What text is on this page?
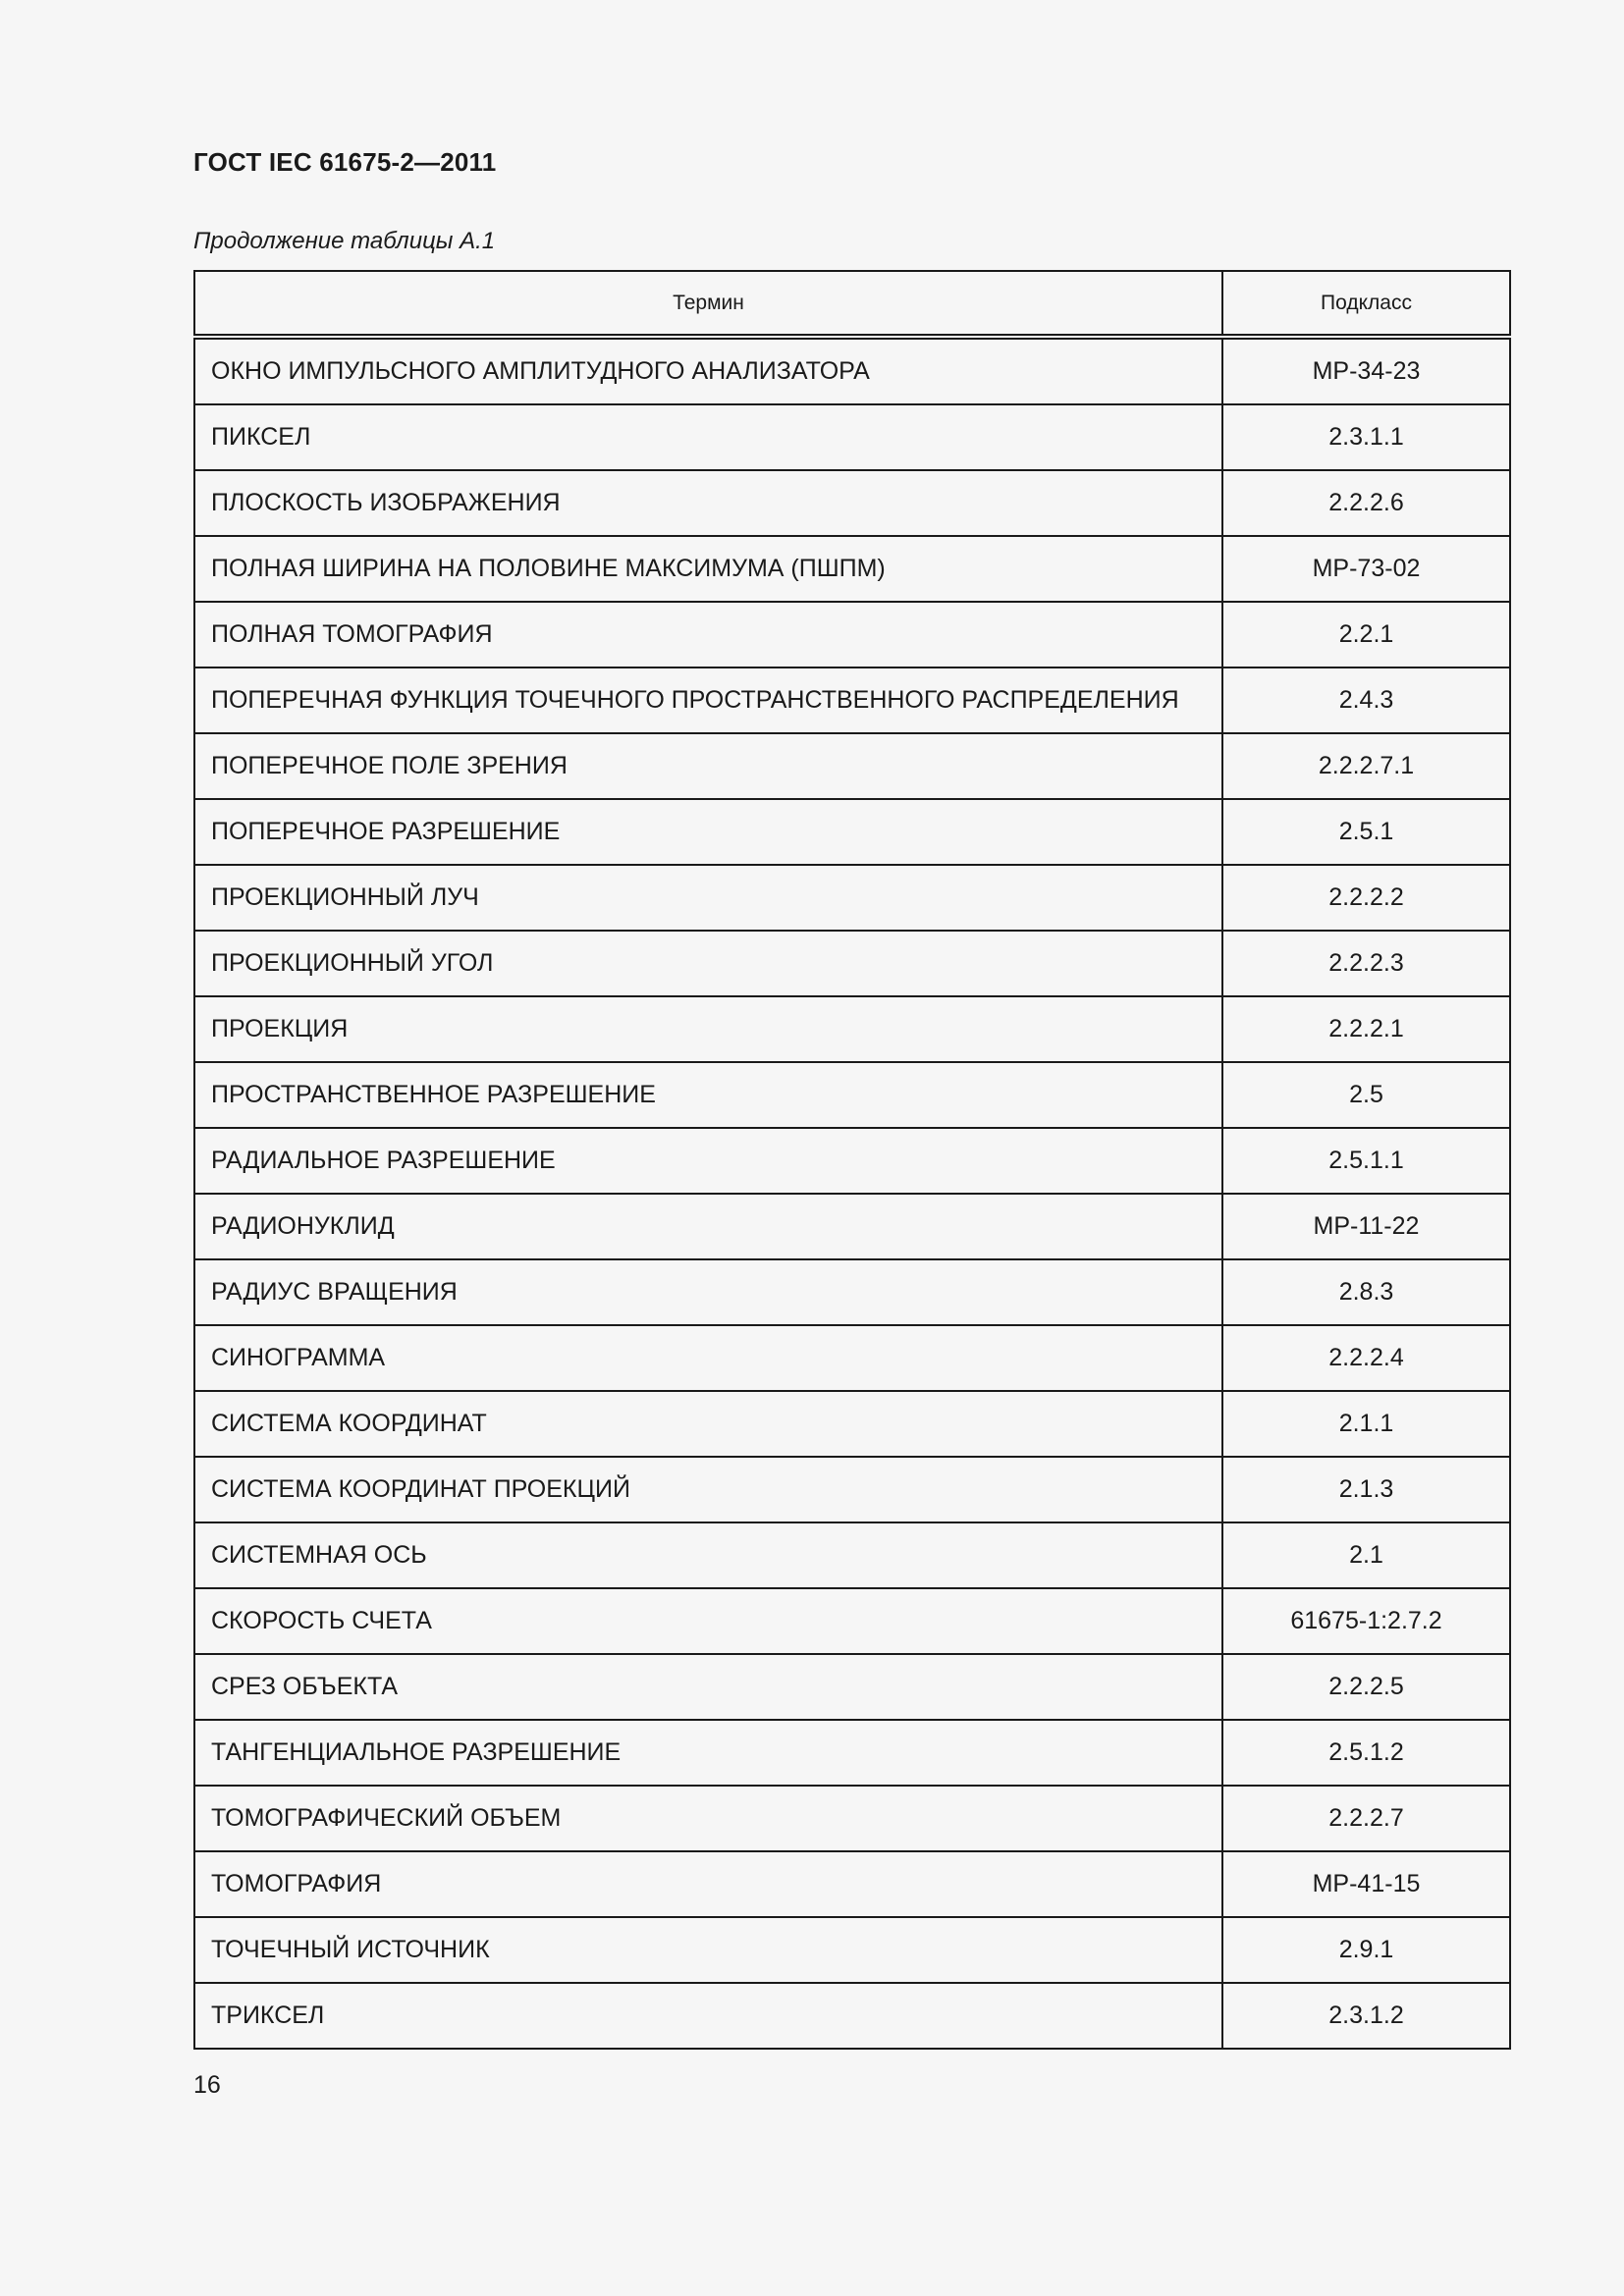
ГОСТ IEC 61675-2—2011
Продолжение таблицы А.1
Термин	Подкласс
ОКНО ИМПУЛЬСНОГО АМПЛИТУДНОГО АНАЛИЗАТОРА	МР-34-23
ПИКСЕЛ	2.3.1.1
ПЛОСКОСТЬ ИЗОБРАЖЕНИЯ	2.2.2.6
ПОЛНАЯ ШИРИНА НА ПОЛОВИНЕ МАКСИМУМА (ПШПМ)	МР-73-02
ПОЛНАЯ ТОМОГРАФИЯ	2.2.1
ПОПЕРЕЧНАЯ ФУНКЦИЯ ТОЧЕЧНОГО ПРОСТРАНСТВЕННОГО РАСПРЕДЕЛЕНИЯ	2.4.3
ПОПЕРЕЧНОЕ ПОЛЕ ЗРЕНИЯ	2.2.2.7.1
ПОПЕРЕЧНОЕ РАЗРЕШЕНИЕ	2.5.1
ПРОЕКЦИОННЫЙ ЛУЧ	2.2.2.2
ПРОЕКЦИОННЫЙ УГОЛ	2.2.2.3
ПРОЕКЦИЯ	2.2.2.1
ПРОСТРАНСТВЕННОЕ РАЗРЕШЕНИЕ	2.5
РАДИАЛЬНОЕ РАЗРЕШЕНИЕ	2.5.1.1
РАДИОНУКЛИД	МР-11-22
РАДИУС ВРАЩЕНИЯ	2.8.3
СИНОГРАММА	2.2.2.4
СИСТЕМА КООРДИНАТ	2.1.1
СИСТЕМА КООРДИНАТ ПРОЕКЦИЙ	2.1.3
СИСТЕМНАЯ ОСЬ	2.1
СКОРОСТЬ СЧЕТА	61675-1:2.7.2
СРЕЗ ОБЪЕКТА	2.2.2.5
ТАНГЕНЦИАЛЬНОЕ РАЗРЕШЕНИЕ	2.5.1.2
ТОМОГРАФИЧЕСКИЙ ОБЪЕМ	2.2.2.7
ТОМОГРАФИЯ	МР-41-15
ТОЧЕЧНЫЙ ИСТОЧНИК	2.9.1
ТРИКСЕЛ	2.3.1.2
16
